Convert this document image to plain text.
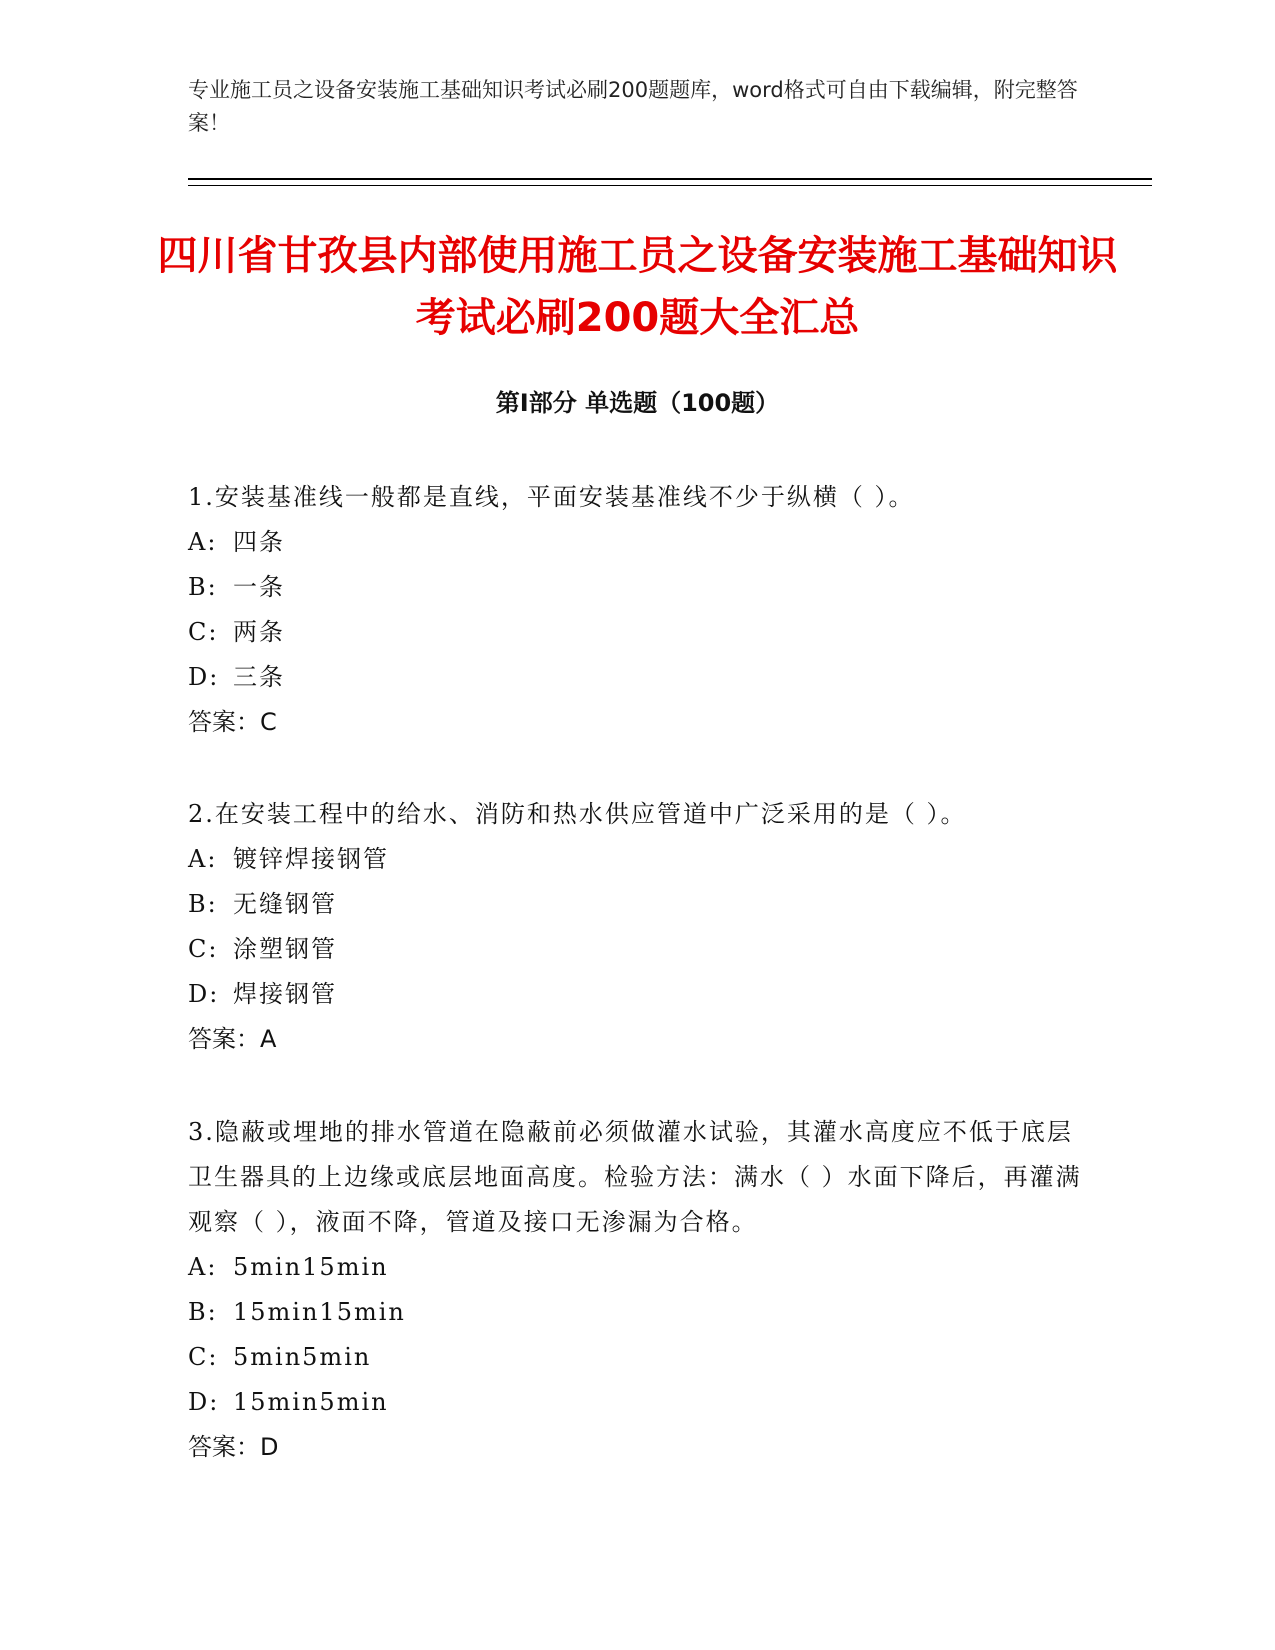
专业施工员之设备安装施工基础知识考试必刷200题题库，word格式可自由下载编辑，附完整答案！
四川省甘孜县内部使用施工员之设备安装施工基础知识考试必刷200题大全汇总
第I部分 单选题（100题）

1.安装基准线一般都是直线，平面安装基准线不少于纵横（ ）。

A: 四条

B: 一条

C: 两条

D: 三条

答案：C

2.在安装工程中的给水、消防和热水供应管道中广泛采用的是（ ）。

A: 镀锌焊接钢管

B: 无缝钢管

C: 涂塑钢管

D: 焊接钢管

答案：A

3.隐蔽或埋地的排水管道在隐蔽前必须做灌水试验，其灌水高度应不低于底层卫生器具的上边缘或底层地面高度。检验方法：满水（ ）水面下降后，再灌满观察（ ），液面不降，管道及接口无渗漏为合格。

A: 5min15min

B: 15min15min

C: 5min5min

D: 15min5min

答案：D
